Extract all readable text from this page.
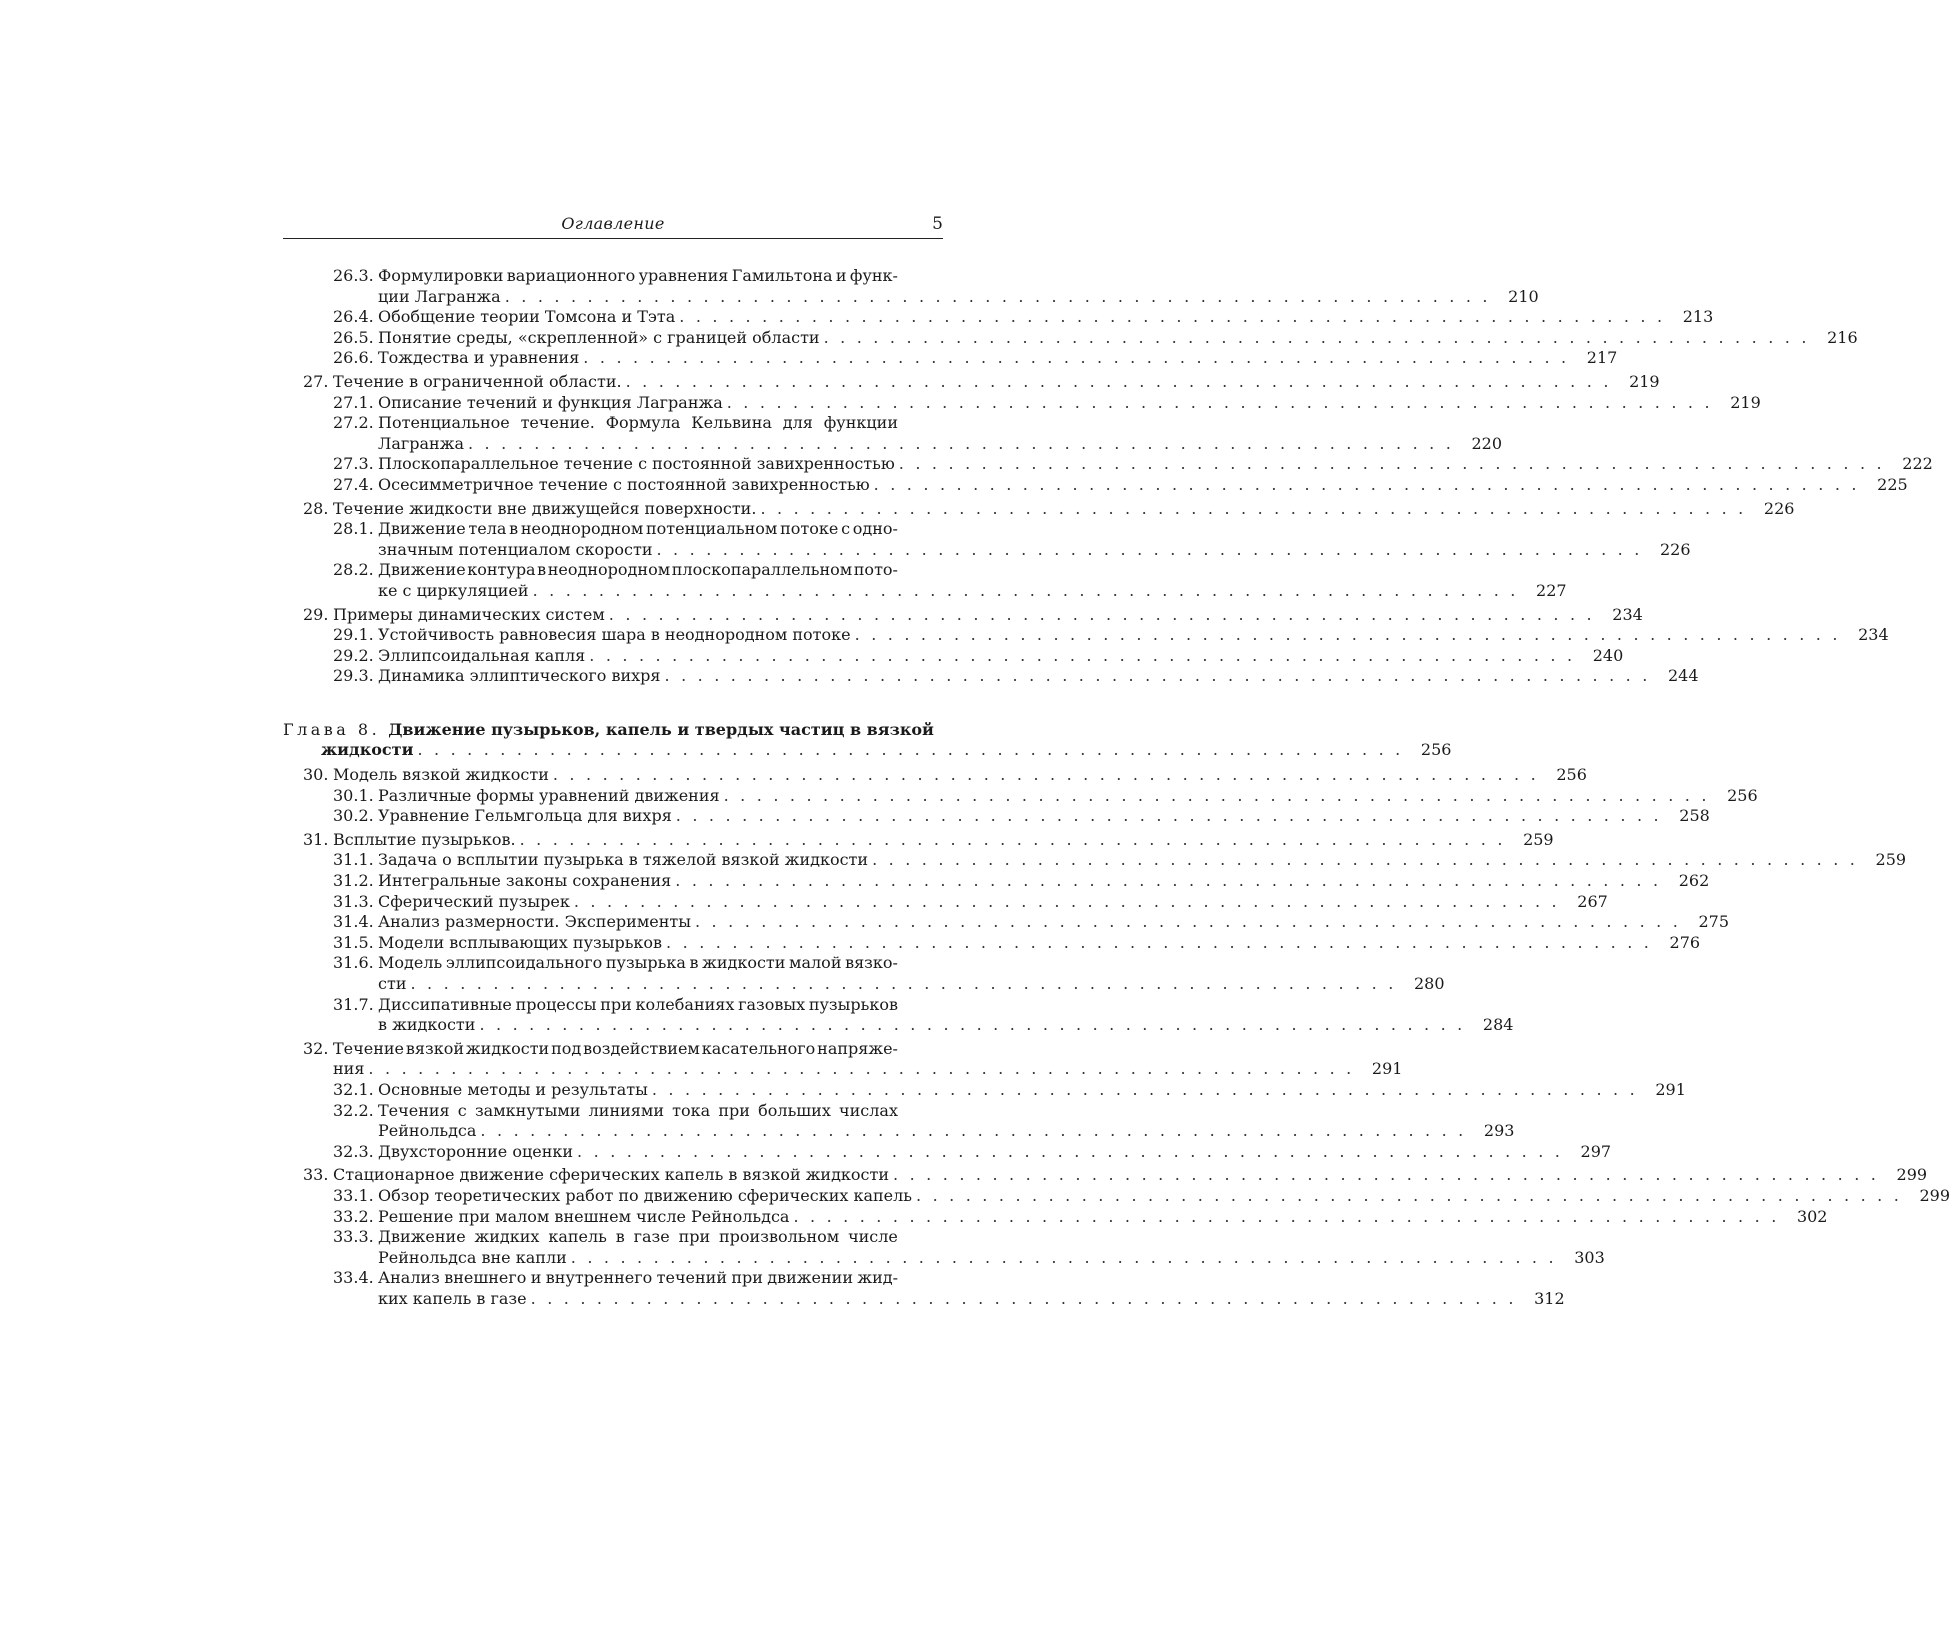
Оглавление	5
26.3. Формулировки вариационного уравнения Гамильтона и функ-
ции Лагранжа . . . . . . . . . . . . . . . . . . . . . . . . . . . . . . . . . . . . . . . . . . . . . . . . . . . . . . . . . . . .	210
26.4. Обобщение теории Томсона и Тэта . . . . . . . . . . . . . . . . . . . . . . . . . . . . . . . . . . . . . . . . . . . . . . . . . . . . . . . . . . . .	213
26.5. Понятие среды, «скрепленной» с границей области . . . . . . . . . . . . . . . . . . . . . . . . . . . . . . . . . . . . . . . . . . . . . . . . . . . . . . . . . . . .	216
26.6. Тождества и уравнения . . . . . . . . . . . . . . . . . . . . . . . . . . . . . . . . . . . . . . . . . . . . . . . . . . . . . . . . . . . .	217
27. Течение в ограниченной области. . . . . . . . . . . . . . . . . . . . . . . . . . . . . . . . . . . . . . . . . . . . . . . . . . . . . . . . . . . . .	219
27.1. Описание течений и функция Лагранжа . . . . . . . . . . . . . . . . . . . . . . . . . . . . . . . . . . . . . . . . . . . . . . . . . . . . . . . . . . . .	219
27.2. Потенциальное течение. Формула Кельвина для функции
Лагранжа . . . . . . . . . . . . . . . . . . . . . . . . . . . . . . . . . . . . . . . . . . . . . . . . . . . . . . . . . . . .	220
27.3. Плоскопараллельное течение с постоянной завихренностью . . . . . . . . . . . . . . . . . . . . . . . . . . . . . . . . . . . . . . . . . . . . . . . . . . . . . . . . . . . .	222
27.4. Осесимметричное течение с постоянной завихренностью . . . . . . . . . . . . . . . . . . . . . . . . . . . . . . . . . . . . . . . . . . . . . . . . . . . . . . . . . . . .	225
28. Течение жидкости вне движущейся поверхности. . . . . . . . . . . . . . . . . . . . . . . . . . . . . . . . . . . . . . . . . . . . . . . . . . . . . . . . . . . . .	226
28.1. Движение тела в неоднородном потенциальном потоке с одно-
значным потенциалом скорости . . . . . . . . . . . . . . . . . . . . . . . . . . . . . . . . . . . . . . . . . . . . . . . . . . . . . . . . . . . .	226
28.2. Движение контура в неоднородном плоскопараллельном пото-
ке с циркуляцией . . . . . . . . . . . . . . . . . . . . . . . . . . . . . . . . . . . . . . . . . . . . . . . . . . . . . . . . . . . .	227
29. Примеры динамических систем . . . . . . . . . . . . . . . . . . . . . . . . . . . . . . . . . . . . . . . . . . . . . . . . . . . . . . . . . . . .	234
29.1. Устойчивость равновесия шара в неоднородном потоке . . . . . . . . . . . . . . . . . . . . . . . . . . . . . . . . . . . . . . . . . . . . . . . . . . . . . . . . . . . .	234
29.2. Эллипсоидальная капля . . . . . . . . . . . . . . . . . . . . . . . . . . . . . . . . . . . . . . . . . . . . . . . . . . . . . . . . . . . .	240
29.3. Динамика эллиптического вихря . . . . . . . . . . . . . . . . . . . . . . . . . . . . . . . . . . . . . . . . . . . . . . . . . . . . . . . . . . . .	244
Глава 8. Движение пузырьков, капель и твердых частиц в вязкой
жидкости . . . . . . . . . . . . . . . . . . . . . . . . . . . . . . . . . . . . . . . . . . . . . . . . . . . . . . . . . . . .	256
30. Модель вязкой жидкости . . . . . . . . . . . . . . . . . . . . . . . . . . . . . . . . . . . . . . . . . . . . . . . . . . . . . . . . . . . .	256
30.1. Различные формы уравнений движения . . . . . . . . . . . . . . . . . . . . . . . . . . . . . . . . . . . . . . . . . . . . . . . . . . . . . . . . . . . .	256
30.2. Уравнение Гельмгольца для вихря . . . . . . . . . . . . . . . . . . . . . . . . . . . . . . . . . . . . . . . . . . . . . . . . . . . . . . . . . . . .	258
31. Всплытие пузырьков. . . . . . . . . . . . . . . . . . . . . . . . . . . . . . . . . . . . . . . . . . . . . . . . . . . . . . . . . . . . .	259
31.1. Задача о всплытии пузырька в тяжелой вязкой жидкости . . . . . . . . . . . . . . . . . . . . . . . . . . . . . . . . . . . . . . . . . . . . . . . . . . . . . . . . . . . .	259
31.2. Интегральные законы сохранения . . . . . . . . . . . . . . . . . . . . . . . . . . . . . . . . . . . . . . . . . . . . . . . . . . . . . . . . . . . .	262
31.3. Сферический пузырек . . . . . . . . . . . . . . . . . . . . . . . . . . . . . . . . . . . . . . . . . . . . . . . . . . . . . . . . . . . .	267
31.4. Анализ размерности. Эксперименты . . . . . . . . . . . . . . . . . . . . . . . . . . . . . . . . . . . . . . . . . . . . . . . . . . . . . . . . . . . .	275
31.5. Модели всплывающих пузырьков . . . . . . . . . . . . . . . . . . . . . . . . . . . . . . . . . . . . . . . . . . . . . . . . . . . . . . . . . . . .	276
31.6. Модель эллипсоидального пузырька в жидкости малой вязко-
сти . . . . . . . . . . . . . . . . . . . . . . . . . . . . . . . . . . . . . . . . . . . . . . . . . . . . . . . . . . . .	280
31.7. Диссипативные процессы при колебаниях газовых пузырьков
в жидкости . . . . . . . . . . . . . . . . . . . . . . . . . . . . . . . . . . . . . . . . . . . . . . . . . . . . . . . . . . . .	284
32. Течение вязкой жидкости под воздействием касательного напряже-
ния . . . . . . . . . . . . . . . . . . . . . . . . . . . . . . . . . . . . . . . . . . . . . . . . . . . . . . . . . . . .	291
32.1. Основные методы и результаты . . . . . . . . . . . . . . . . . . . . . . . . . . . . . . . . . . . . . . . . . . . . . . . . . . . . . . . . . . . .	291
32.2. Течения с замкнутыми линиями тока при больших числах
Рейнольдса . . . . . . . . . . . . . . . . . . . . . . . . . . . . . . . . . . . . . . . . . . . . . . . . . . . . . . . . . . . .	293
32.3. Двухсторонние оценки . . . . . . . . . . . . . . . . . . . . . . . . . . . . . . . . . . . . . . . . . . . . . . . . . . . . . . . . . . . .	297
33. Стационарное движение сферических капель в вязкой жидкости . . . . . . . . . . . . . . . . . . . . . . . . . . . . . . . . . . . . . . . . . . . . . . . . . . . . . . . . . . . .	299
33.1. Обзор теоретических работ по движению сферических капель . . . . . . . . . . . . . . . . . . . . . . . . . . . . . . . . . . . . . . . . . . . . . . . . . . . . . . . . . . . .	299
33.2. Решение при малом внешнем числе Рейнольдса . . . . . . . . . . . . . . . . . . . . . . . . . . . . . . . . . . . . . . . . . . . . . . . . . . . . . . . . . . . .	302
33.3. Движение жидких капель в газе при произвольном числе
Рейнольдса вне капли . . . . . . . . . . . . . . . . . . . . . . . . . . . . . . . . . . . . . . . . . . . . . . . . . . . . . . . . . . . .	303
33.4. Анализ внешнего и внутреннего течений при движении жид-
ких капель в газе . . . . . . . . . . . . . . . . . . . . . . . . . . . . . . . . . . . . . . . . . . . . . . . . . . . . . . . . . . . .	312
